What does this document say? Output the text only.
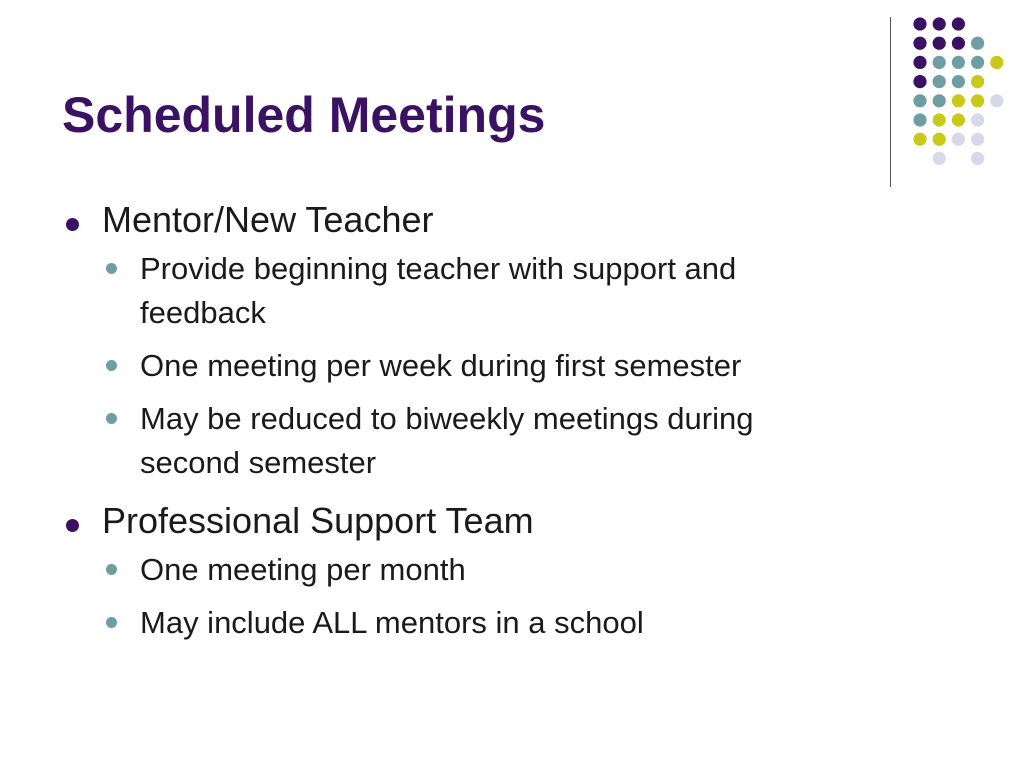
Scheduled Meetings
Mentor/New Teacher
Provide beginning teacher with support and feedback
One meeting per week during first semester
May be reduced to biweekly meetings during second semester
Professional Support Team
One meeting per month
May include ALL mentors in a school
